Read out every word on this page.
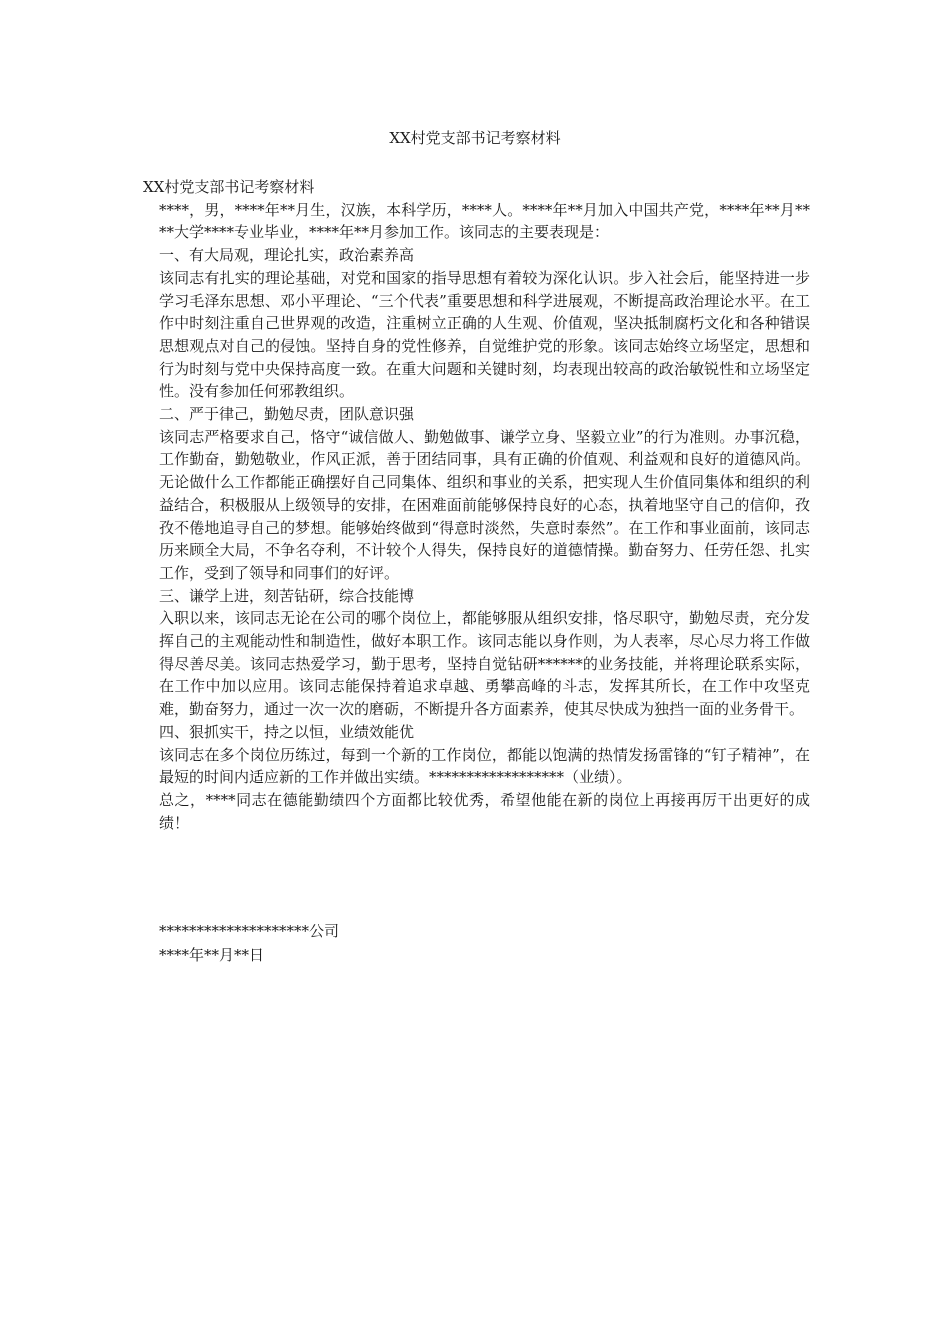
XX村党支部书记考察材料

XX村党支部书记考察材料

****，男，****年**月生，汉族，本科学历，****人。****年**月加入中国共产党，****年**月****大学****专业毕业，****年**月参加工作。该同志的主要表现是：

一、有大局观，理论扎实，政治素养高

该同志有扎实的理论基础，对党和国家的指导思想有着较为深化认识。步入社会后，能坚持进一步学习毛泽东思想、邓小平理论、“三个代表”重要思想和科学进展观，不断提高政治理论水平。在工作中时刻注重自己世界观的改造，注重树立正确的人生观、价值观，坚决抵制腐朽文化和各种错误思想观点对自己的侵蚀。坚持自身的党性修养，自觉维护党的形象。该同志始终立场坚定，思想和行为时刻与党中央保持高度一致。在重大问题和关键时刻，均表现出较高的政治敏锐性和立场坚定性。没有参加任何邪教组织。

二、严于律己，勤勉尽责，团队意识强

该同志严格要求自己，恪守“诚信做人、勤勉做事、谦学立身、坚毅立业”的行为准则。办事沉稳，工作勤奋，勤勉敬业，作风正派，善于团结同事，具有正确的价值观、利益观和良好的道德风尚。无论做什么工作都能正确摆好自己同集体、组织和事业的关系，把实现人生价值同集体和组织的利益结合，积极服从上级领导的安排，在困难面前能够保持良好的心态，执着地坚守自己的信仰，孜孜不倦地追寻自己的梦想。能够始终做到“得意时淡然，失意时泰然”。在工作和事业面前，该同志历来顾全大局，不争名夺利，不计较个人得失，保持良好的道德情操。勤奋努力、任劳任怨、扎实工作，受到了领导和同事们的好评。

三、谦学上进，刻苦钻研，综合技能博

入职以来，该同志无论在公司的哪个岗位上，都能够服从组织安排，恪尽职守，勤勉尽责，充分发挥自己的主观能动性和制造性，做好本职工作。该同志能以身作则，为人表率，尽心尽力将工作做得尽善尽美。该同志热爱学习，勤于思考，坚持自觉钻研******的业务技能，并将理论联系实际，在工作中加以应用。该同志能保持着追求卓越、勇攀高峰的斗志，发挥其所长，在工作中攻坚克难，勤奋努力，通过一次一次的磨砺，不断提升各方面素养，使其尽快成为独挡一面的业务骨干。

四、狠抓实干，持之以恒，业绩效能优

该同志在多个岗位历练过，每到一个新的工作岗位，都能以饱满的热情发扬雷锋的“钉子精神”，在最短的时间内适应新的工作并做出实绩。******************（业绩）。

总之，****同志在德能勤绩四个方面都比较优秀，希望他能在新的岗位上再接再厉干出更好的成绩！

********************公司
****年**月**日
